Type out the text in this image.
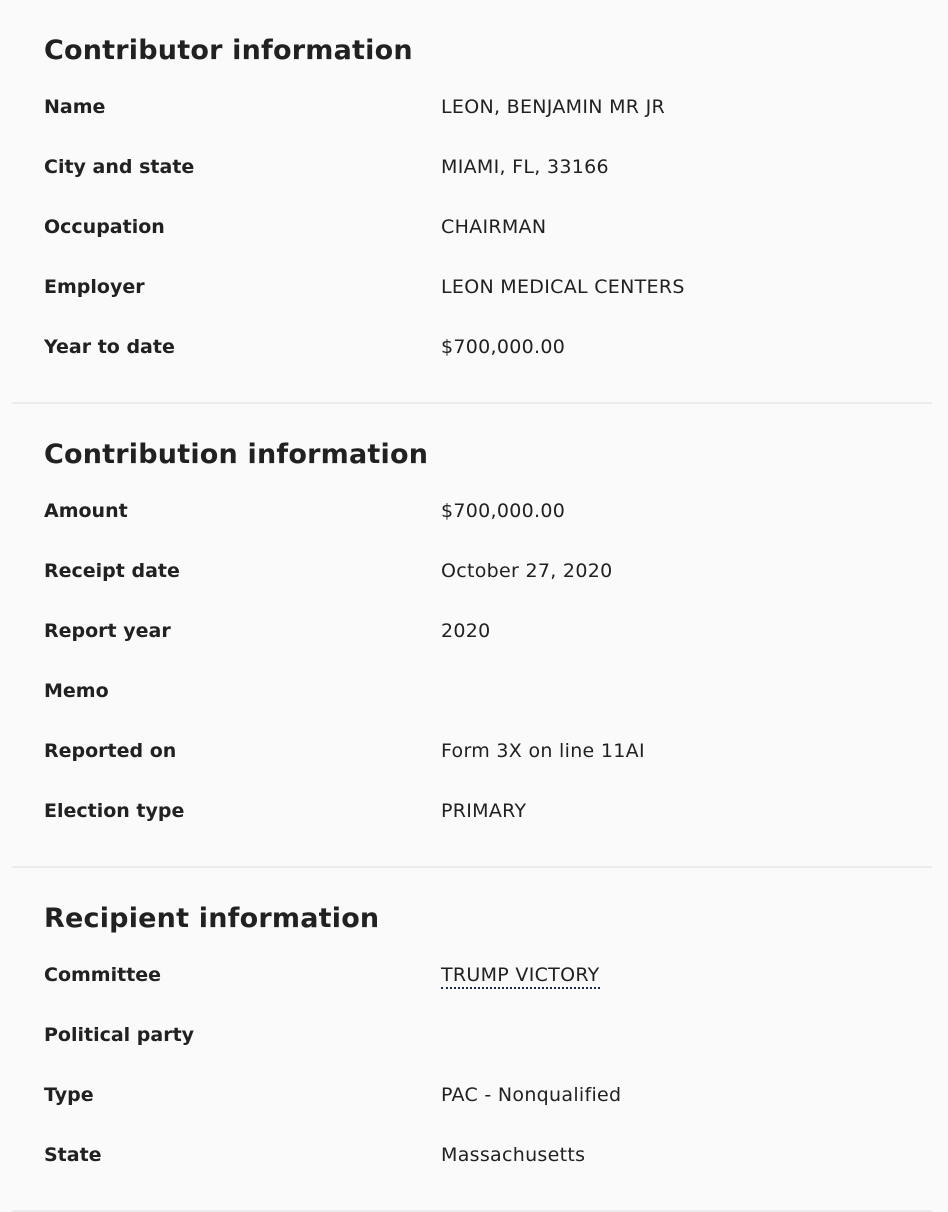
Contributor information
Name	LEON, BENJAMIN MR JR
City and state	MIAMI, FL, 33166
Occupation	CHAIRMAN
Employer	LEON MEDICAL CENTERS
Year to date	$700,000.00
Contribution information
Amount	$700,000.00
Receipt date	October 27, 2020
Report year	2020
Memo
Reported on	Form 3X on line 11AI
Election type	PRIMARY
Recipient information
Committee	TRUMP VICTORY
Political party
Type	PAC - Nonqualified
State	Massachusetts
